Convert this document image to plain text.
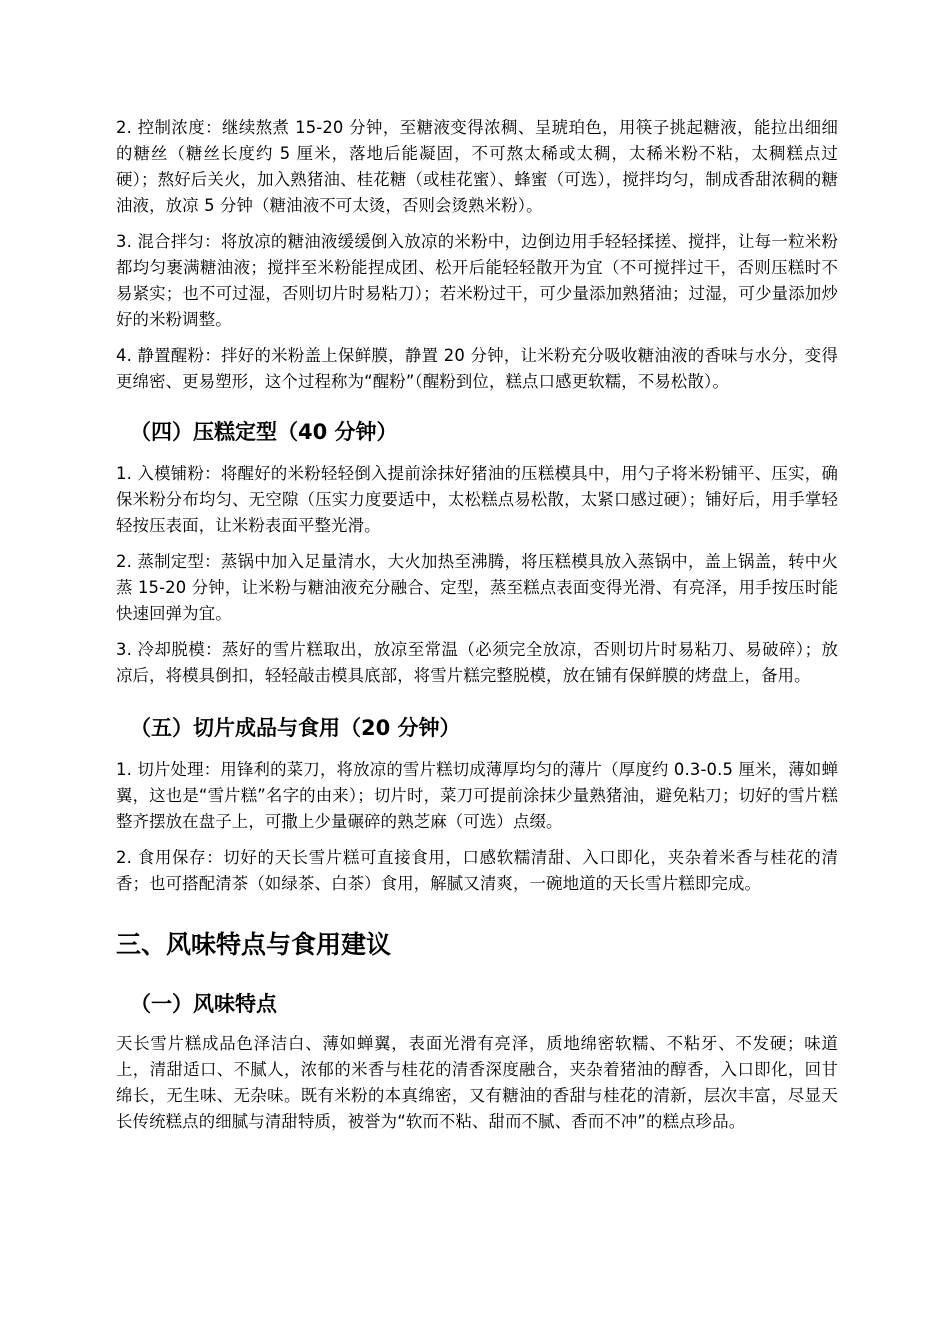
2. 控制浓度：继续熬煮 15-20 分钟，至糖液变得浓稠、呈琥珀色，用筷子挑起糖液，能拉出细细的糖丝（糖丝长度约 5 厘米，落地后能凝固，不可熬太稀或太稠，太稀米粉不粘，太稠糕点过硬）；熬好后关火，加入熟猪油、桂花糖（或桂花蜜）、蜂蜜（可选），搅拌均匀，制成香甜浓稠的糖油液，放凉 5 分钟（糖油液不可太烫，否则会烫熟米粉）。

3. 混合拌匀：将放凉的糖油液缓缓倒入放凉的米粉中，边倒边用手轻轻揉搓、搅拌，让每一粒米粉都均匀裹满糖油液；搅拌至米粉能捏成团、松开后能轻轻散开为宜（不可搅拌过干，否则压糕时不易紧实；也不可过湿，否则切片时易粘刀）；若米粉过干，可少量添加熟猪油；过湿，可少量添加炒好的米粉调整。

4. 静置醒粉：拌好的米粉盖上保鲜膜，静置 20 分钟，让米粉充分吸收糖油液的香味与水分，变得更绵密、更易塑形，这个过程称为“醒粉”（醒粉到位，糕点口感更软糯，不易松散）。

（四）压糕定型（40 分钟）

1. 入模铺粉：将醒好的米粉轻轻倒入提前涂抹好猪油的压糕模具中，用勺子将米粉铺平、压实，确保米粉分布均匀、无空隙（压实力度要适中，太松糕点易松散，太紧口感过硬）；铺好后，用手掌轻轻按压表面，让米粉表面平整光滑。

2. 蒸制定型：蒸锅中加入足量清水，大火加热至沸腾，将压糕模具放入蒸锅中，盖上锅盖，转中火蒸 15-20 分钟，让米粉与糖油液充分融合、定型，蒸至糕点表面变得光滑、有亮泽，用手按压时能快速回弹为宜。

3. 冷却脱模：蒸好的雪片糕取出，放凉至常温（必须完全放凉，否则切片时易粘刀、易破碎）；放凉后，将模具倒扣，轻轻敲击模具底部，将雪片糕完整脱模，放在铺有保鲜膜的烤盘上，备用。

（五）切片成品与食用（20 分钟）

1. 切片处理：用锋利的菜刀，将放凉的雪片糕切成薄厚均匀的薄片（厚度约 0.3-0.5 厘米，薄如蝉翼，这也是“雪片糕”名字的由来）；切片时，菜刀可提前涂抹少量熟猪油，避免粘刀；切好的雪片糕整齐摆放在盘子上，可撒上少量碾碎的熟芝麻（可选）点缀。

2. 食用保存：切好的天长雪片糕可直接食用，口感软糯清甜、入口即化，夹杂着米香与桂花的清香；也可搭配清茶（如绿茶、白茶）食用，解腻又清爽，一碗地道的天长雪片糕即完成。

三、风味特点与食用建议
（一）风味特点

天长雪片糕成品色泽洁白、薄如蝉翼，表面光滑有亮泽，质地绵密软糯、不粘牙、不发硬；味道上，清甜适口、不腻人，浓郁的米香与桂花的清香深度融合，夹杂着猪油的醇香，入口即化，回甘绵长，无生味、无杂味。既有米粉的本真绵密，又有糖油的香甜与桂花的清新，层次丰富，尽显天长传统糕点的细腻与清甜特质，被誉为“软而不粘、甜而不腻、香而不冲”的糕点珍品。
